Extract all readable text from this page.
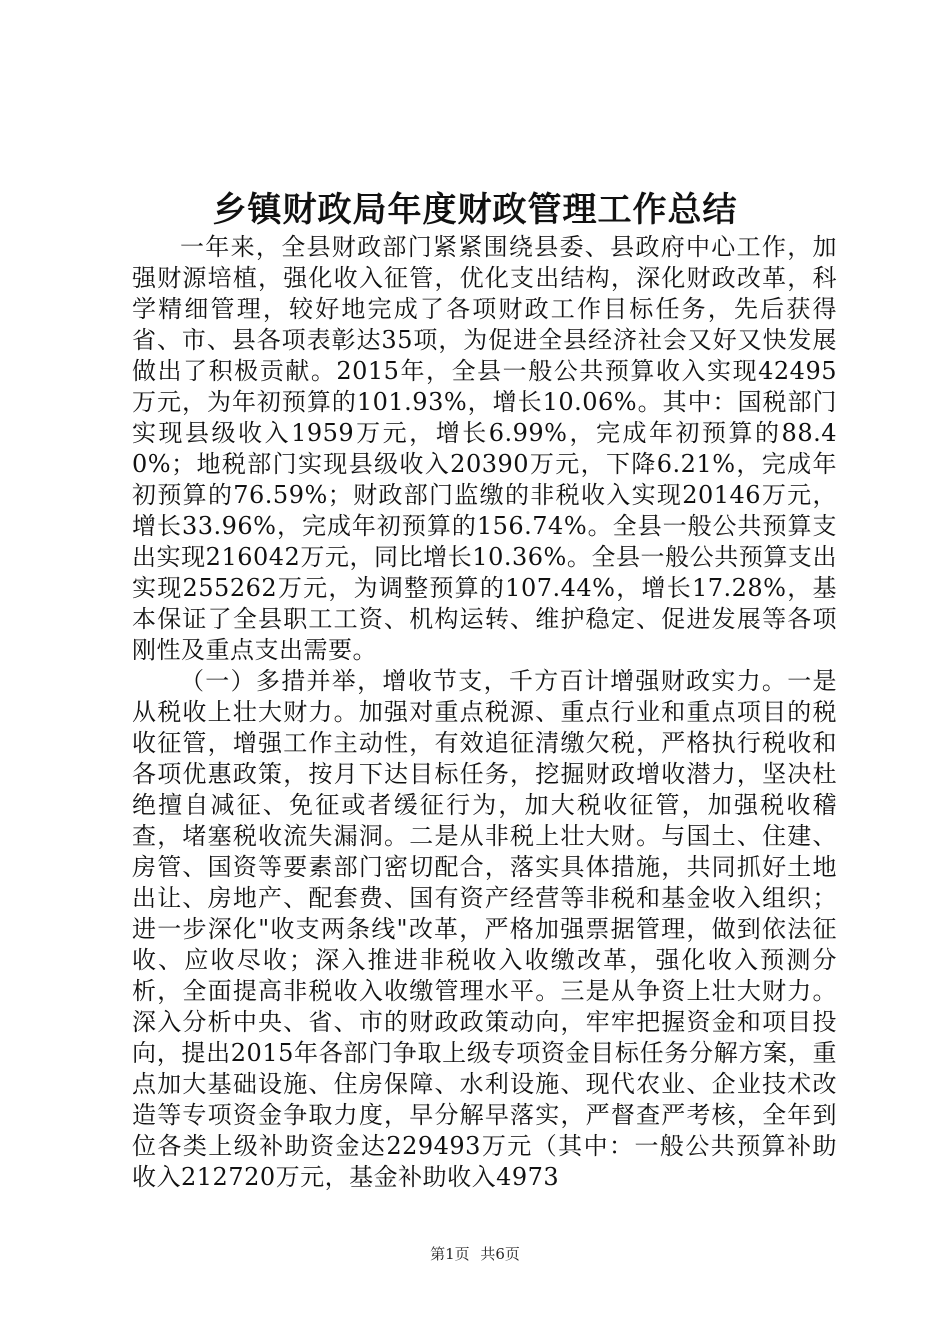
乡镇财政局年度财政管理工作总结

一年来，全县财政部门紧紧围绕县委、县政府中心工作，加强财源培植，强化收入征管，优化支出结构，深化财政改革，科学精细管理，较好地完成了各项财政工作目标任务，先后获得省、市、县各项表彰达35项，为促进全县经济社会又好又快发展做出了积极贡献。2015年，全县一般公共预算收入实现42495万元，为年初预算的101.93%，增长10.06%。其中：国税部门实现县级收入1959万元，增长6.99%，完成年初预算的88.40%；地税部门实现县级收入20390万元，下降6.21%，完成年初预算的76.59%；财政部门监缴的非税收入实现20146万元，增长33.96%，完成年初预算的156.74%。全县一般公共预算支出实现216042万元，同比增长10.36%。全县一般公共预算支出实现255262万元，为调整预算的107.44%，增长17.28%，基本保证了全县职工工资、机构运转、维护稳定、促进发展等各项刚性及重点支出需要。

（一）多措并举，增收节支，千方百计增强财政实力。一是从税收上壮大财力。加强对重点税源、重点行业和重点项目的税收征管，增强工作主动性，有效追征清缴欠税，严格执行税收和各项优惠政策，按月下达目标任务，挖掘财政增收潜力，坚决杜绝擅自减征、免征或者缓征行为，加大税收征管，加强税收稽查，堵塞税收流失漏洞。二是从非税上壮大财。与国土、住建、房管、国资等要素部门密切配合，落实具体措施，共同抓好土地出让、房地产、配套费、国有资产经营等非税和基金收入组织；进一步深化"收支两条线"改革，严格加强票据管理，做到依法征收、应收尽收；深入推进非税收入收缴改革，强化收入预测分析，全面提高非税收入收缴管理水平。三是从争资上壮大财力。深入分析中央、省、市的财政政策动向，牢牢把握资金和项目投向，提出2015年各部门争取上级专项资金目标任务分解方案，重点加大基础设施、住房保障、水利设施、现代农业、企业技术改造等专项资金争取力度，早分解早落实，严督查严考核，全年到位各类上级补助资金达229493万元（其中：一般公共预算补助收入212720万元，基金补助收入4973

第1页 共6页
